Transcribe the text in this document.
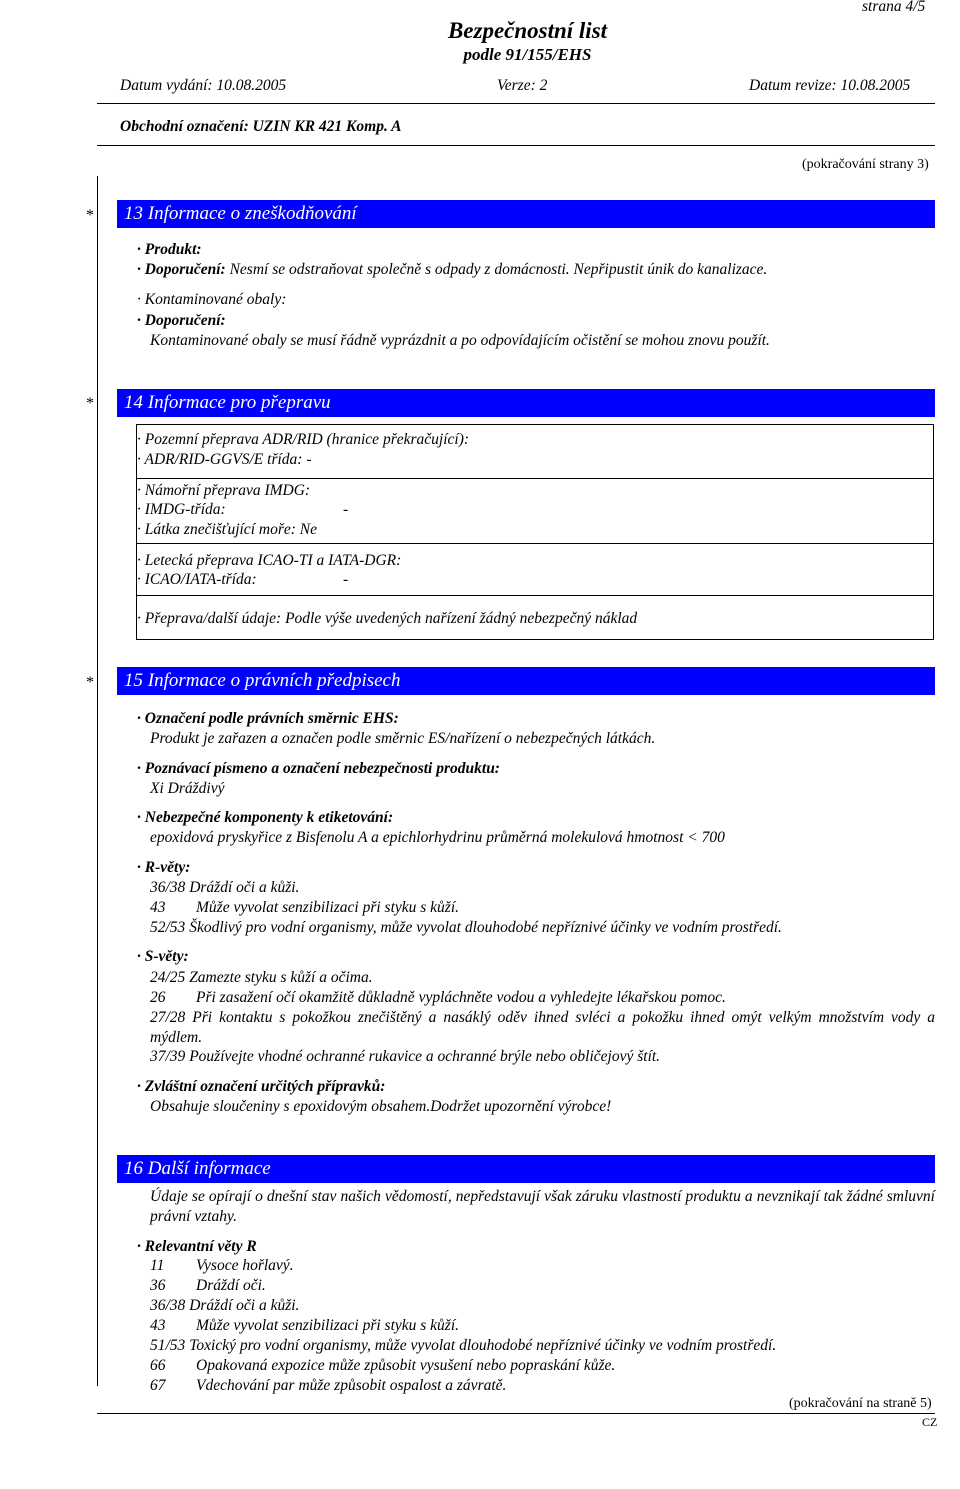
strana 4/5
Bezpečnostní list
podle 91/155/EHS
Datum vydání: 10.08.2005	Verze: 2	Datum revize: 10.08.2005
Obchodní označení: UZIN KR 421 Komp. A
(pokračování strany 3)
*	13 Informace o zneškodňování
· Produkt:
· Doporučení: Nesmí se odstraňovat společně s odpady z domácnosti. Nepřipustit únik do kanalizace.
· Kontaminované obaly:
· Doporučení:
Kontaminované obaly se musí řádně vyprázdnit a po odpovídajícím očistění se mohou znovu použít.
*	14 Informace pro přepravu
· Pozemní přeprava ADR/RID (hranice překračující):
· ADR/RID-GGVS/E třída: -
· Námořní přeprava IMDG:
· IMDG-třída:	-
· Látka znečišťující moře: Ne
· Letecká přeprava ICAO-TI a IATA-DGR:
· ICAO/IATA-třída:	-
· Přeprava/další údaje: Podle výše uvedených nařízení žádný nebezpečný náklad
*	15 Informace o právních předpisech
· Označení podle právních směrnic EHS:
Produkt je zařazen a označen podle směrnic ES/nařízení o nebezpečných látkách.
· Poznávací písmeno a označení nebezpečnosti produktu:
Xi Dráždivý
· Nebezpečné komponenty k etiketování:
epoxidová pryskyřice z Bisfenolu A a epichlorhydrinu průměrná molekulová hmotnost < 700
· R-věty:
36/38 Dráždí oči a kůži.
43 Může vyvolat senzibilizaci při styku s kůží.
52/53 Škodlivý pro vodní organismy, může vyvolat dlouhodobé nepříznivé účinky ve vodním prostředí.
· S-věty:
24/25 Zamezte styku s kůží a očima.
26 Při zasažení očí okamžitě důkladně vypláchněte vodou a vyhledejte lékařskou pomoc.
27/28 Při kontaktu s pokožkou znečištěný a nasáklý oděv ihned svléci a pokožku ihned omýt velkým množstvím vody a mýdlem.
37/39 Používejte vhodné ochranné rukavice a ochranné brýle nebo obličejový štít.
· Zvláštní označení určitých přípravků:
Obsahuje sloučeniny s epoxidovým obsahem.Dodržet upozornění výrobce!
16 Další informace
Údaje se opírají o dnešní stav našich vědomostí, nepředstavují však záruku vlastností produktu a nevznikají tak žádné smluvní právní vztahy.
· Relevantní věty R
11 Vysoce hořlavý.
36 Dráždí oči.
36/38 Dráždí oči a kůži.
43 Může vyvolat senzibilizaci při styku s kůží.
51/53 Toxický pro vodní organismy, může vyvolat dlouhodobé nepříznivé účinky ve vodním prostředí.
66 Opakovaná expozice může způsobit vysušení nebo popraskání kůže.
67 Vdechování par může způsobit ospalost a závratě.
(pokračování na straně 5)
CZ
